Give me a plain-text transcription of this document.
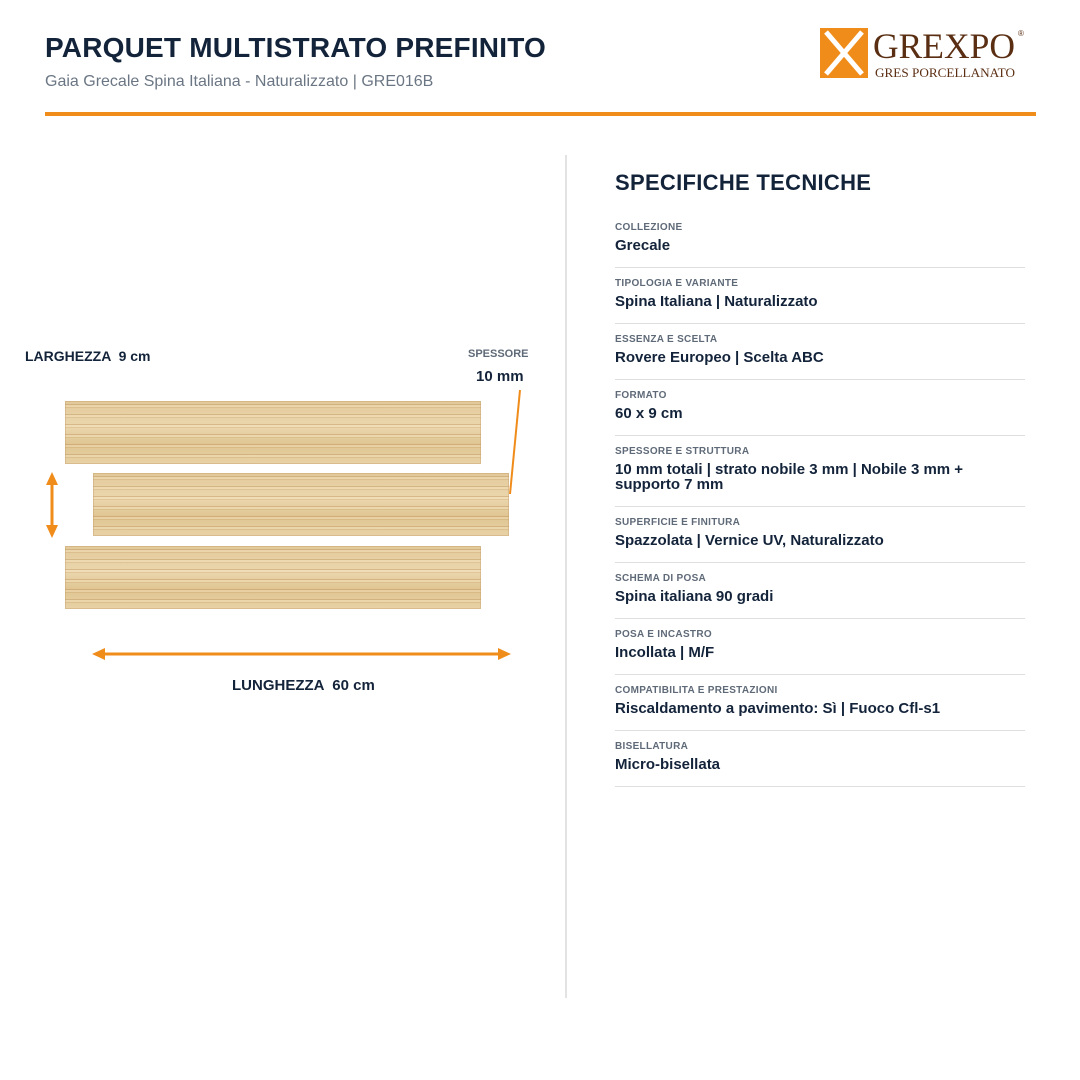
PARQUET MULTISTRATO PREFINITO
Gaia Grecale Spina Italiana - Naturalizzato | GRE016B
GREXPO ®
GRES PORCELLANATO
LARGHEZZA  9 cm	SPESSORE
10 mm
LUNGHEZZA  60 cm
SPECIFICHE TECNICHE
COLLEZIONE
Grecale
TIPOLOGIA E VARIANTE
Spina Italiana | Naturalizzato
ESSENZA E SCELTA
Rovere Europeo | Scelta ABC
FORMATO
60 x 9 cm
SPESSORE E STRUTTURA
10 mm totali | strato nobile 3 mm | Nobile 3 mm + supporto 7 mm
SUPERFICIE E FINITURA
Spazzolata | Vernice UV, Naturalizzato
SCHEMA DI POSA
Spina italiana 90 gradi
POSA E INCASTRO
Incollata | M/F
COMPATIBILITA E PRESTAZIONI
Riscaldamento a pavimento: Sì | Fuoco Cfl-s1
BISELLATURA
Micro-bisellata
